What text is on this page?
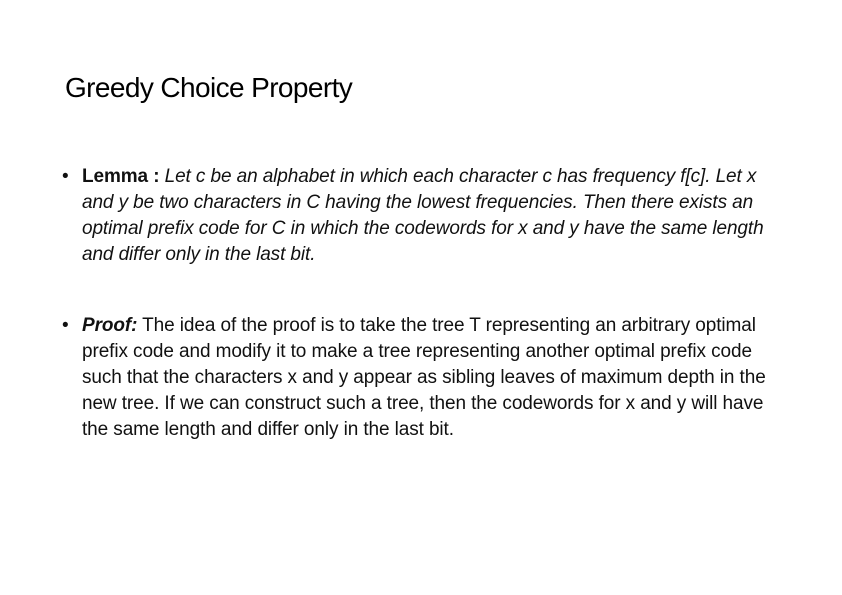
Greedy Choice Property
• Lemma : Let c be an alphabet in which each character c has frequency f[c]. Let x and y be two characters in C having the lowest frequencies. Then there exists an optimal prefix code for C in which the codewords for x and y have the same length and differ only in the last bit.
• Proof: The idea of the proof is to take the tree T representing an arbitrary optimal prefix code and modify it to make a tree representing another optimal prefix code such that the characters x and y appear as sibling leaves of maximum depth in the new tree. If we can construct such a tree, then the codewords for x and y will have the same length and differ only in the last bit.
